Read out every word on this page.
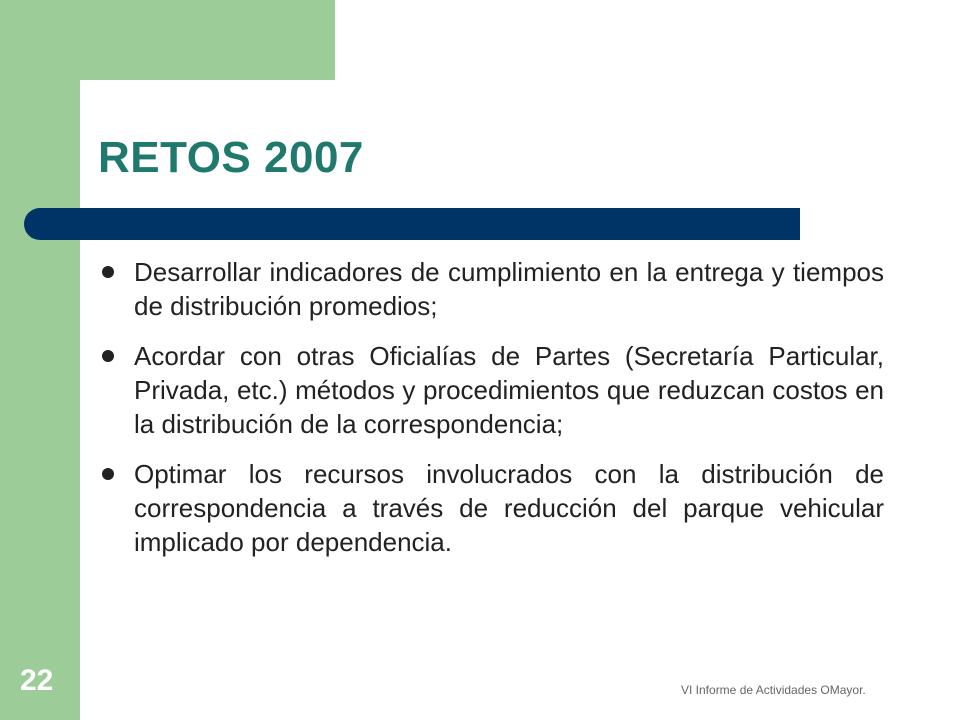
RETOS 2007
Desarrollar indicadores de cumplimiento en la entrega y tiempos de distribución promedios;
Acordar con otras Oficialías de Partes (Secretaría Particular, Privada, etc.) métodos y procedimientos que reduzcan costos en la distribución de la correspondencia;
Optimar los recursos involucrados con la distribución de correspondencia a través de reducción del parque vehicular implicado por dependencia.
22	VI Informe de Actividades OMayor.
